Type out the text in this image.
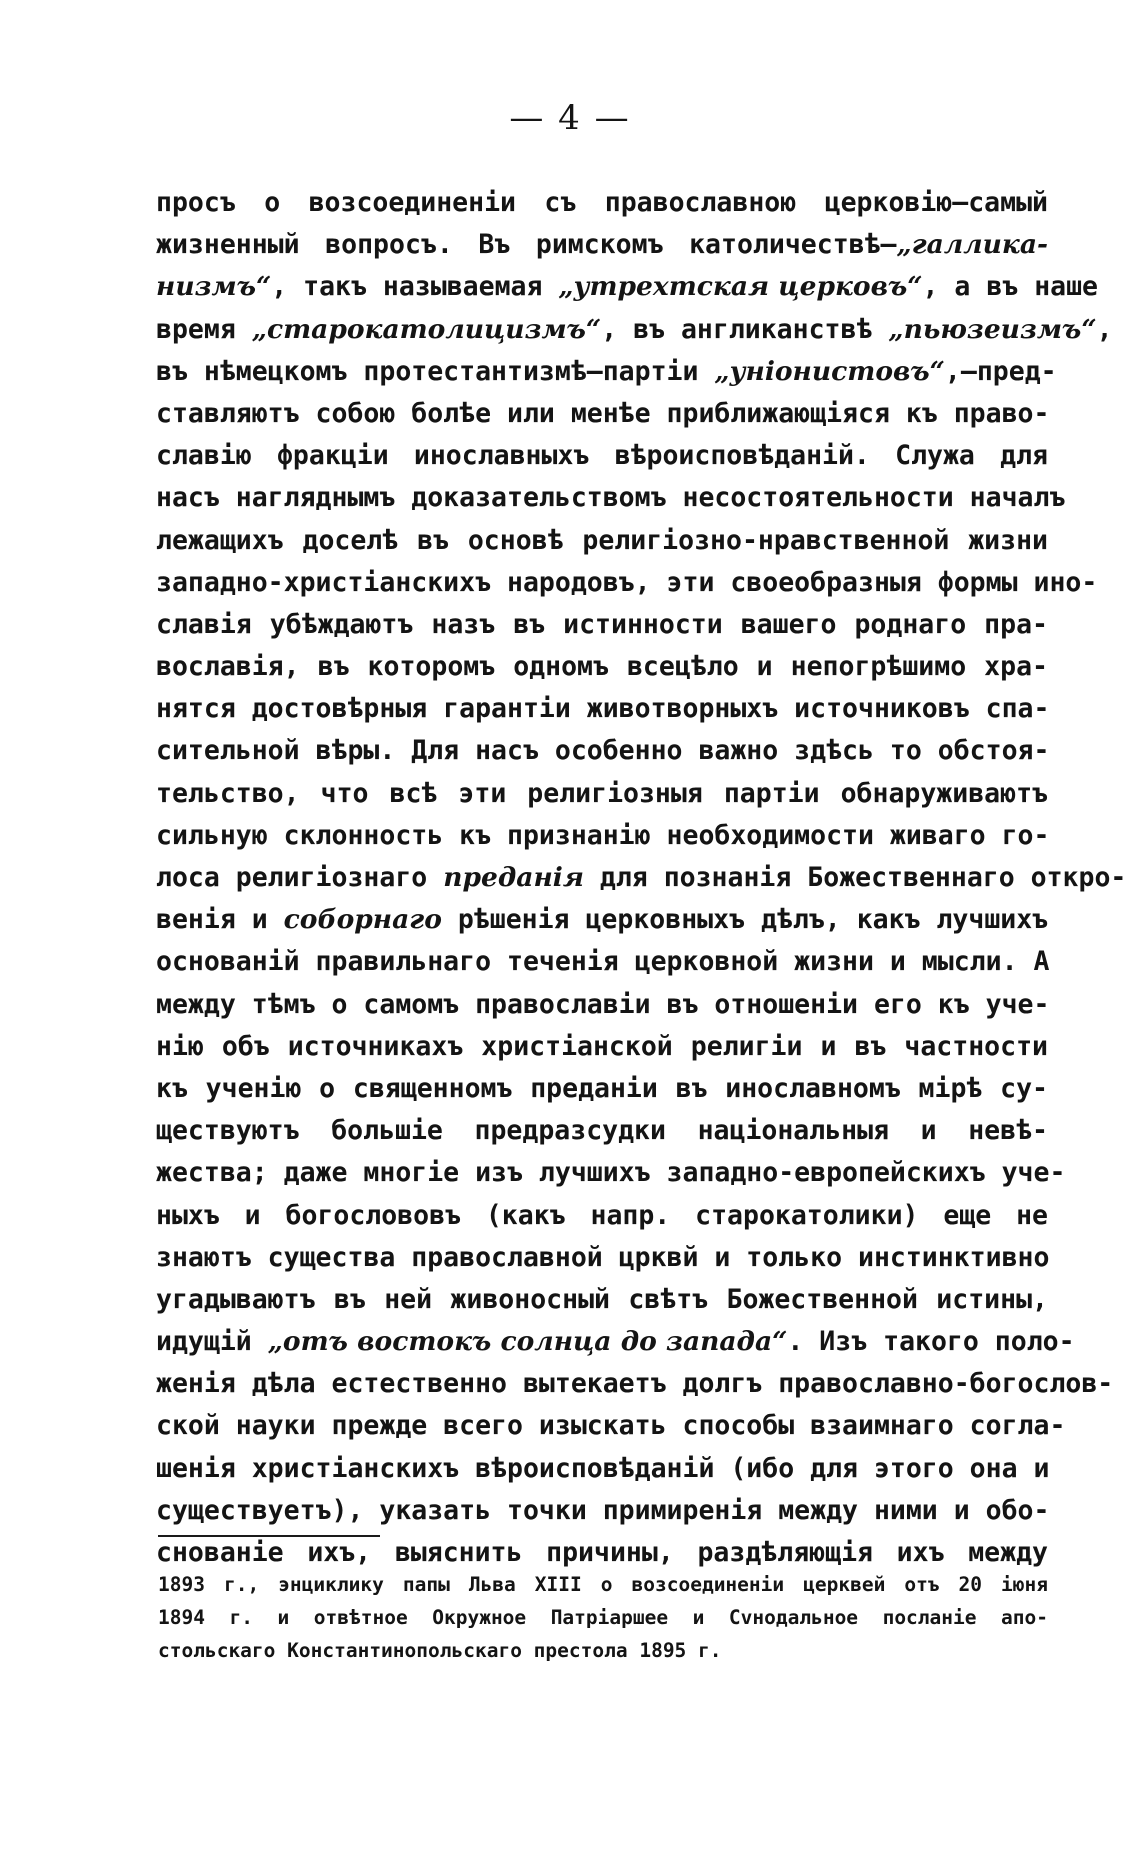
— 4 —
просъ о возсоединеніи съ православною церковію—самый
жизненный вопросъ. Въ римскомъ католичествѣ—„галлика-
низмъ“, такъ называемая „утрехтская церковъ“, а въ наше
время „старокатолицизмъ“, въ англиканствѣ „пьюзеизмъ“,
въ нѣмецкомъ протестантизмѣ—партіи „уніонистовъ“,—пред-
ставляютъ собою болѣе или менѣе приближающіяся къ право-
славію фракціи инославныхъ вѣроисповѣданій. Служа для
насъ нагляднымъ доказательствомъ несостоятельности началъ
лежащихъ доселѣ въ основѣ религіозно-нравственной жизни
западно-христіанскихъ народовъ, эти своеобразныя формы ино-
славія убѣждаютъ назъ въ истинности вашего роднаго пра-
вославія, въ которомъ одномъ всецѣло и непогрѣшимо хра-
нятся достовѣрныя гарантіи животворныхъ источниковъ спа-
сительной вѣры. Для насъ особенно важно здѣсь то обстоя-
тельство, что всѣ эти религіозныя партіи обнаруживаютъ
сильную склонность къ признанію необходимости живаго го-
лоса религіознаго преданія для познанія Божественнаго откро-
венія и соборнаго рѣшенія церковныхъ дѣлъ, какъ лучшихъ
основаній правильнаго теченія церковной жизни и мысли. А
между тѣмъ о самомъ православіи въ отношеніи его къ уче-
нію объ источникахъ христіанской религіи и въ частности
къ ученію о священномъ преданіи въ инославномъ мірѣ су-
ществуютъ большіе предразсудки національныя и невѣ-
жества; даже многіе изъ лучшихъ западно-европейскихъ уче-
ныхъ и богослововъ (какъ напр. старокатолики) еще не
знаютъ существа православной црквй и только инстинктивно
угадываютъ въ ней живоносный свѣтъ Божественной истины,
идущій „отъ востокъ солнца до запада“. Изъ такого поло-
женія дѣла естественно вытекаетъ долгъ православно-богослов-
ской науки прежде всего изыскать способы взаимнаго согла-
шенія христіанскихъ вѣроисповѣданій (ибо для этого она и
существуетъ), указать точки примиренія между ними и обо-
снованіе ихъ, выяснить причины, раздѣляющія ихъ между
1893 г., энциклику папы Льва XIII о возсоединеніи церквей отъ 20 іюня
1894 г. и отвѣтное Окружное Патріаршее и Сvнодальное посланіе апо-
стольскаго Константинопольскаго престола 1895 г.
